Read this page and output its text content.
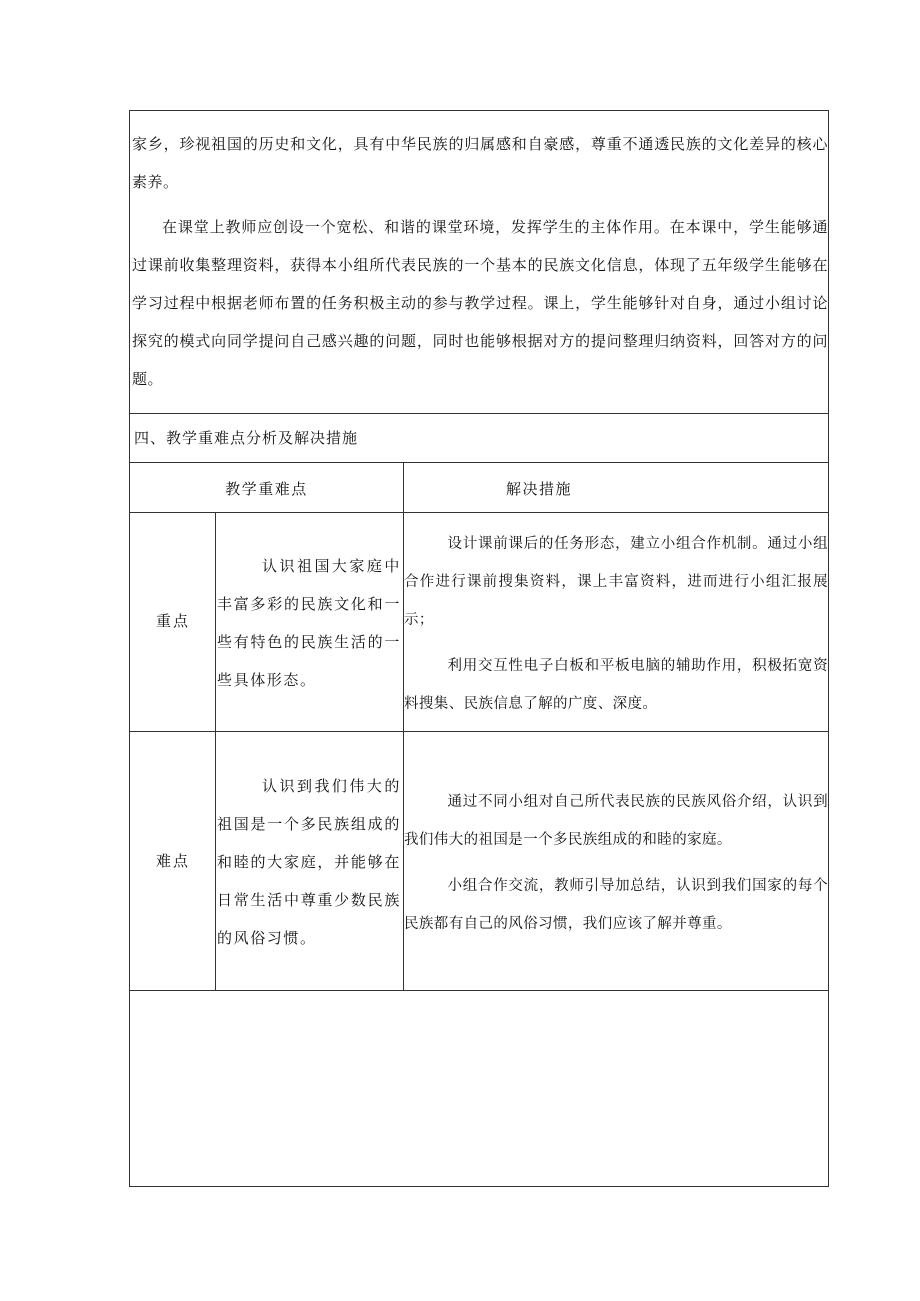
家乡，珍视祖国的历史和文化，具有中华民族的归属感和自豪感，尊重不通透民族的文化差异的核心素养。

在课堂上教师应创设一个宽松、和谐的课堂环境，发挥学生的主体作用。在本课中，学生能够通过课前收集整理资料，获得本小组所代表民族的一个基本的民族文化信息，体现了五年级学生能够在学习过程中根据老师布置的任务积极主动的参与教学过程。课上，学生能够针对自身，通过小组讨论探究的模式向同学提问自己感兴趣的问题，同时也能够根据对方的提问整理归纳资料，回答对方的问题。

四、教学重难点分析及解决措施
教学重难点	解决措施
重点
认识祖国大家庭中丰富多彩的民族文化和一些有特色的民族生活的一些具体形态。

设计课前课后的任务形态，建立小组合作机制。通过小组合作进行课前搜集资料，课上丰富资料，进而进行小组汇报展示；

利用交互性电子白板和平板电脑的辅助作用，积极拓宽资料搜集、民族信息了解的广度、深度。

难点
认识到我们伟大的祖国是一个多民族组成的和睦的大家庭，并能够在日常生活中尊重少数民族的风俗习惯。

通过不同小组对自己所代表民族的民族风俗介绍，认识到我们伟大的祖国是一个多民族组成的和睦的家庭。

小组合作交流，教师引导加总结，认识到我们国家的每个民族都有自己的风俗习惯，我们应该了解并尊重。
